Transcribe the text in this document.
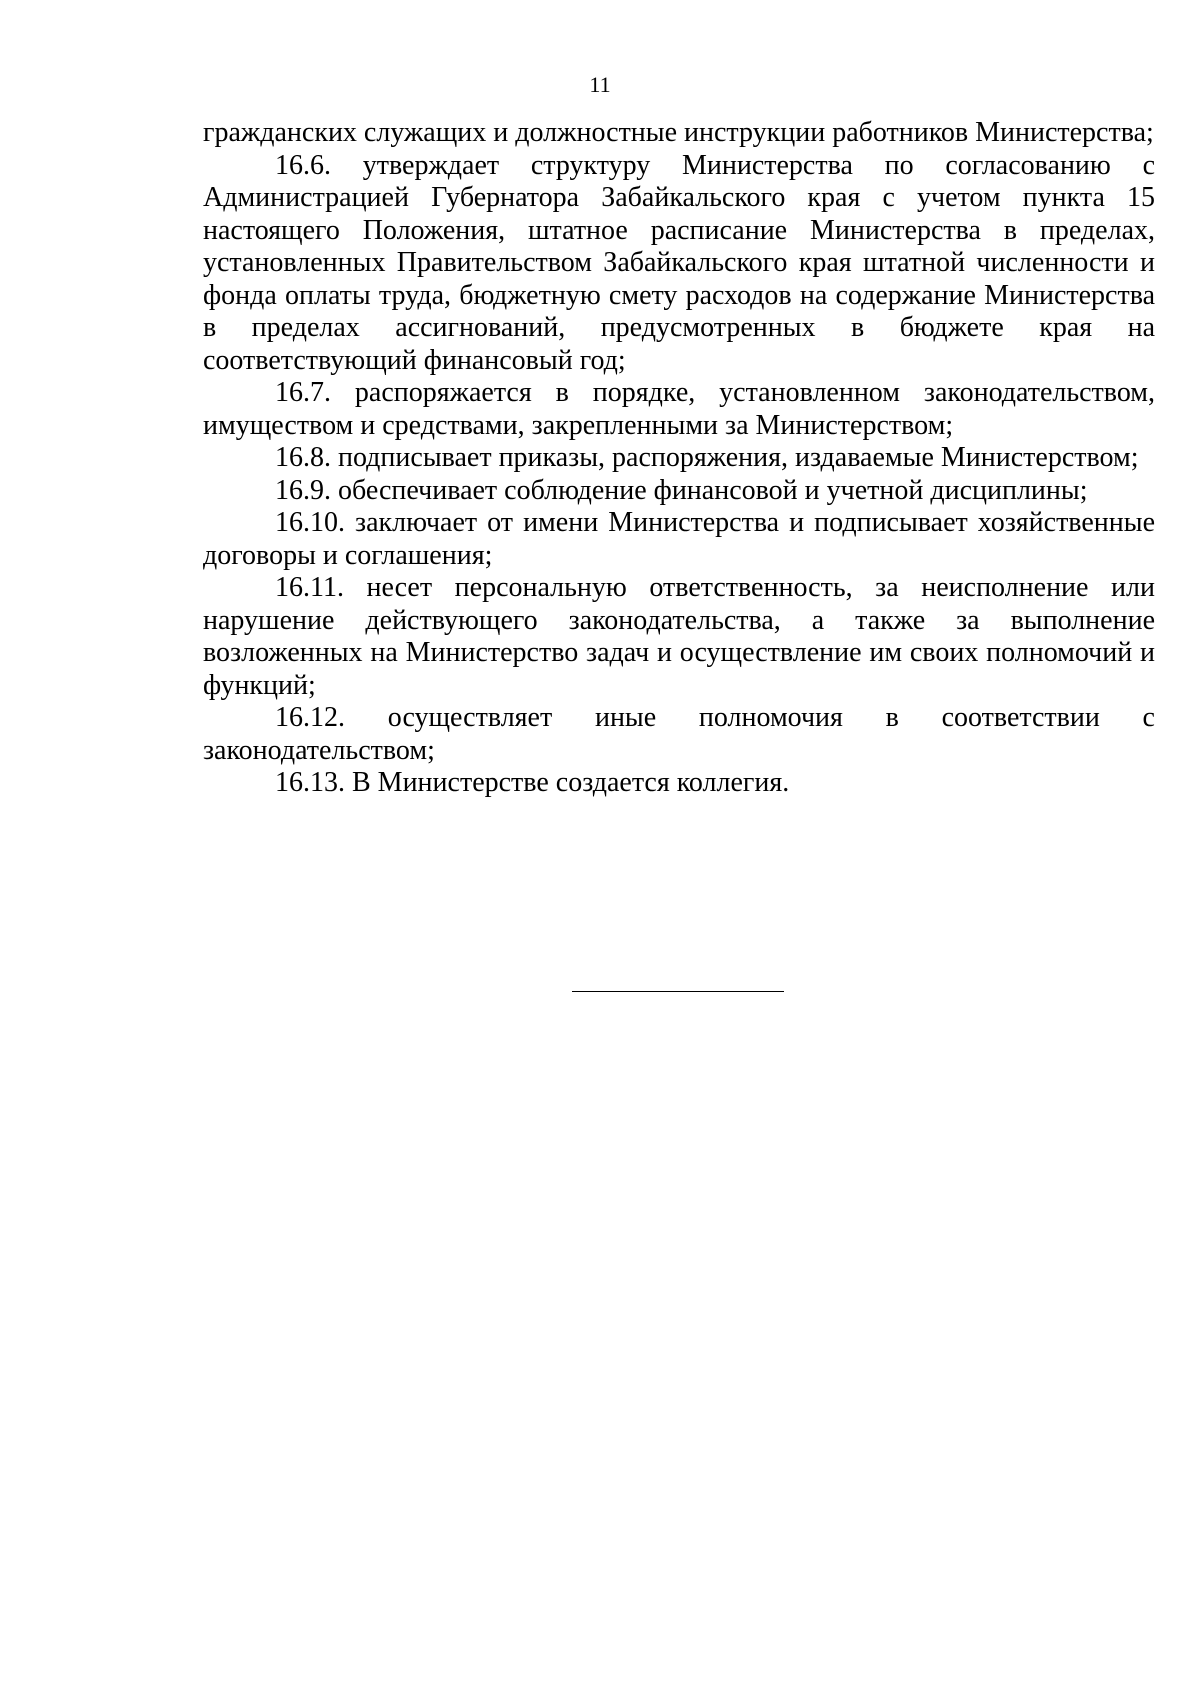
11

гражданских служащих и должностные инструкции работников Министерства;

16.6. утверждает структуру Министерства по согласованию с Администрацией Губернатора Забайкальского края с учетом пункта 15 настоящего Положения, штатное расписание Министерства в пределах, установленных Правительством Забайкальского края штатной численности и фонда оплаты труда, бюджетную смету расходов на содержание Министерства в пределах ассигнований, предусмотренных в бюджете края на соответствующий финансовый год;

16.7. распоряжается в порядке, установленном законодательством, имуществом и средствами, закрепленными за Министерством;

16.8. подписывает приказы, распоряжения, издаваемые Министерством;

16.9. обеспечивает соблюдение финансовой и учетной дисциплины;

16.10. заключает от имени Министерства и подписывает хозяйственные договоры и соглашения;

16.11. несет персональную ответственность, за неисполнение или нарушение действующего законодательства, а также за выполнение возложенных на Министерство задач и осуществление им своих полномочий и функций;

16.12. осуществляет иные полномочия в соответствии с законодательством;

16.13. В Министерстве создается коллегия.
